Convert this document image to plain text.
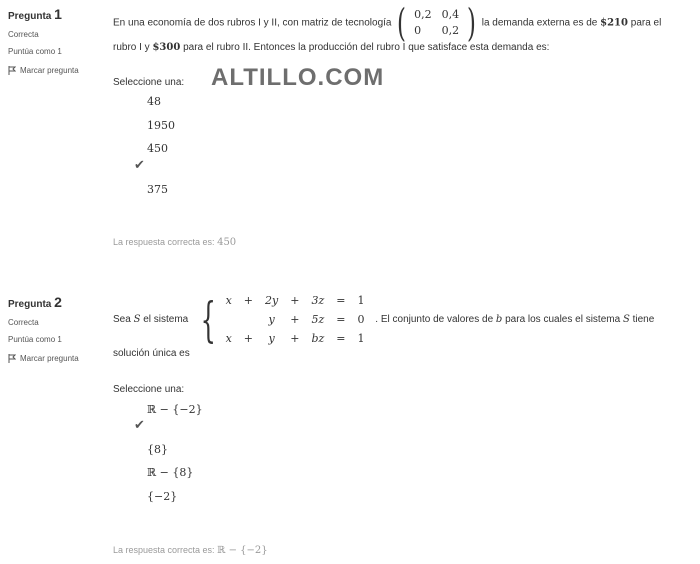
ALTILLO.COM
Pregunta 1
Correcta
Puntúa como 1
Marcar pregunta
En una economía de dos rubros I y II, con matriz de tecnología ( 0,2	0,4
0	0,2 ) la demanda externa es de $210 para el
rubro I y $300 para el rubro II. Entonces la producción del rubro I que satisface esta demanda es:
Seleccione una:
48
1950
450
✔
375
La respuesta correcta es: 450
Pregunta 2
Correcta
Puntúa como 1
Marcar pregunta
Sea S el sistema { x	+	2y	+	3z	=	1
		y	+	5z	=	0
x	+	y	+	bz	=	1
. El conjunto de valores de b para los cuales el sistema S tiene
solución única es
Seleccione una:
ℝ − {−2}
✔
{8}
ℝ − {8}
{−2}
La respuesta correcta es: ℝ − {−2}
